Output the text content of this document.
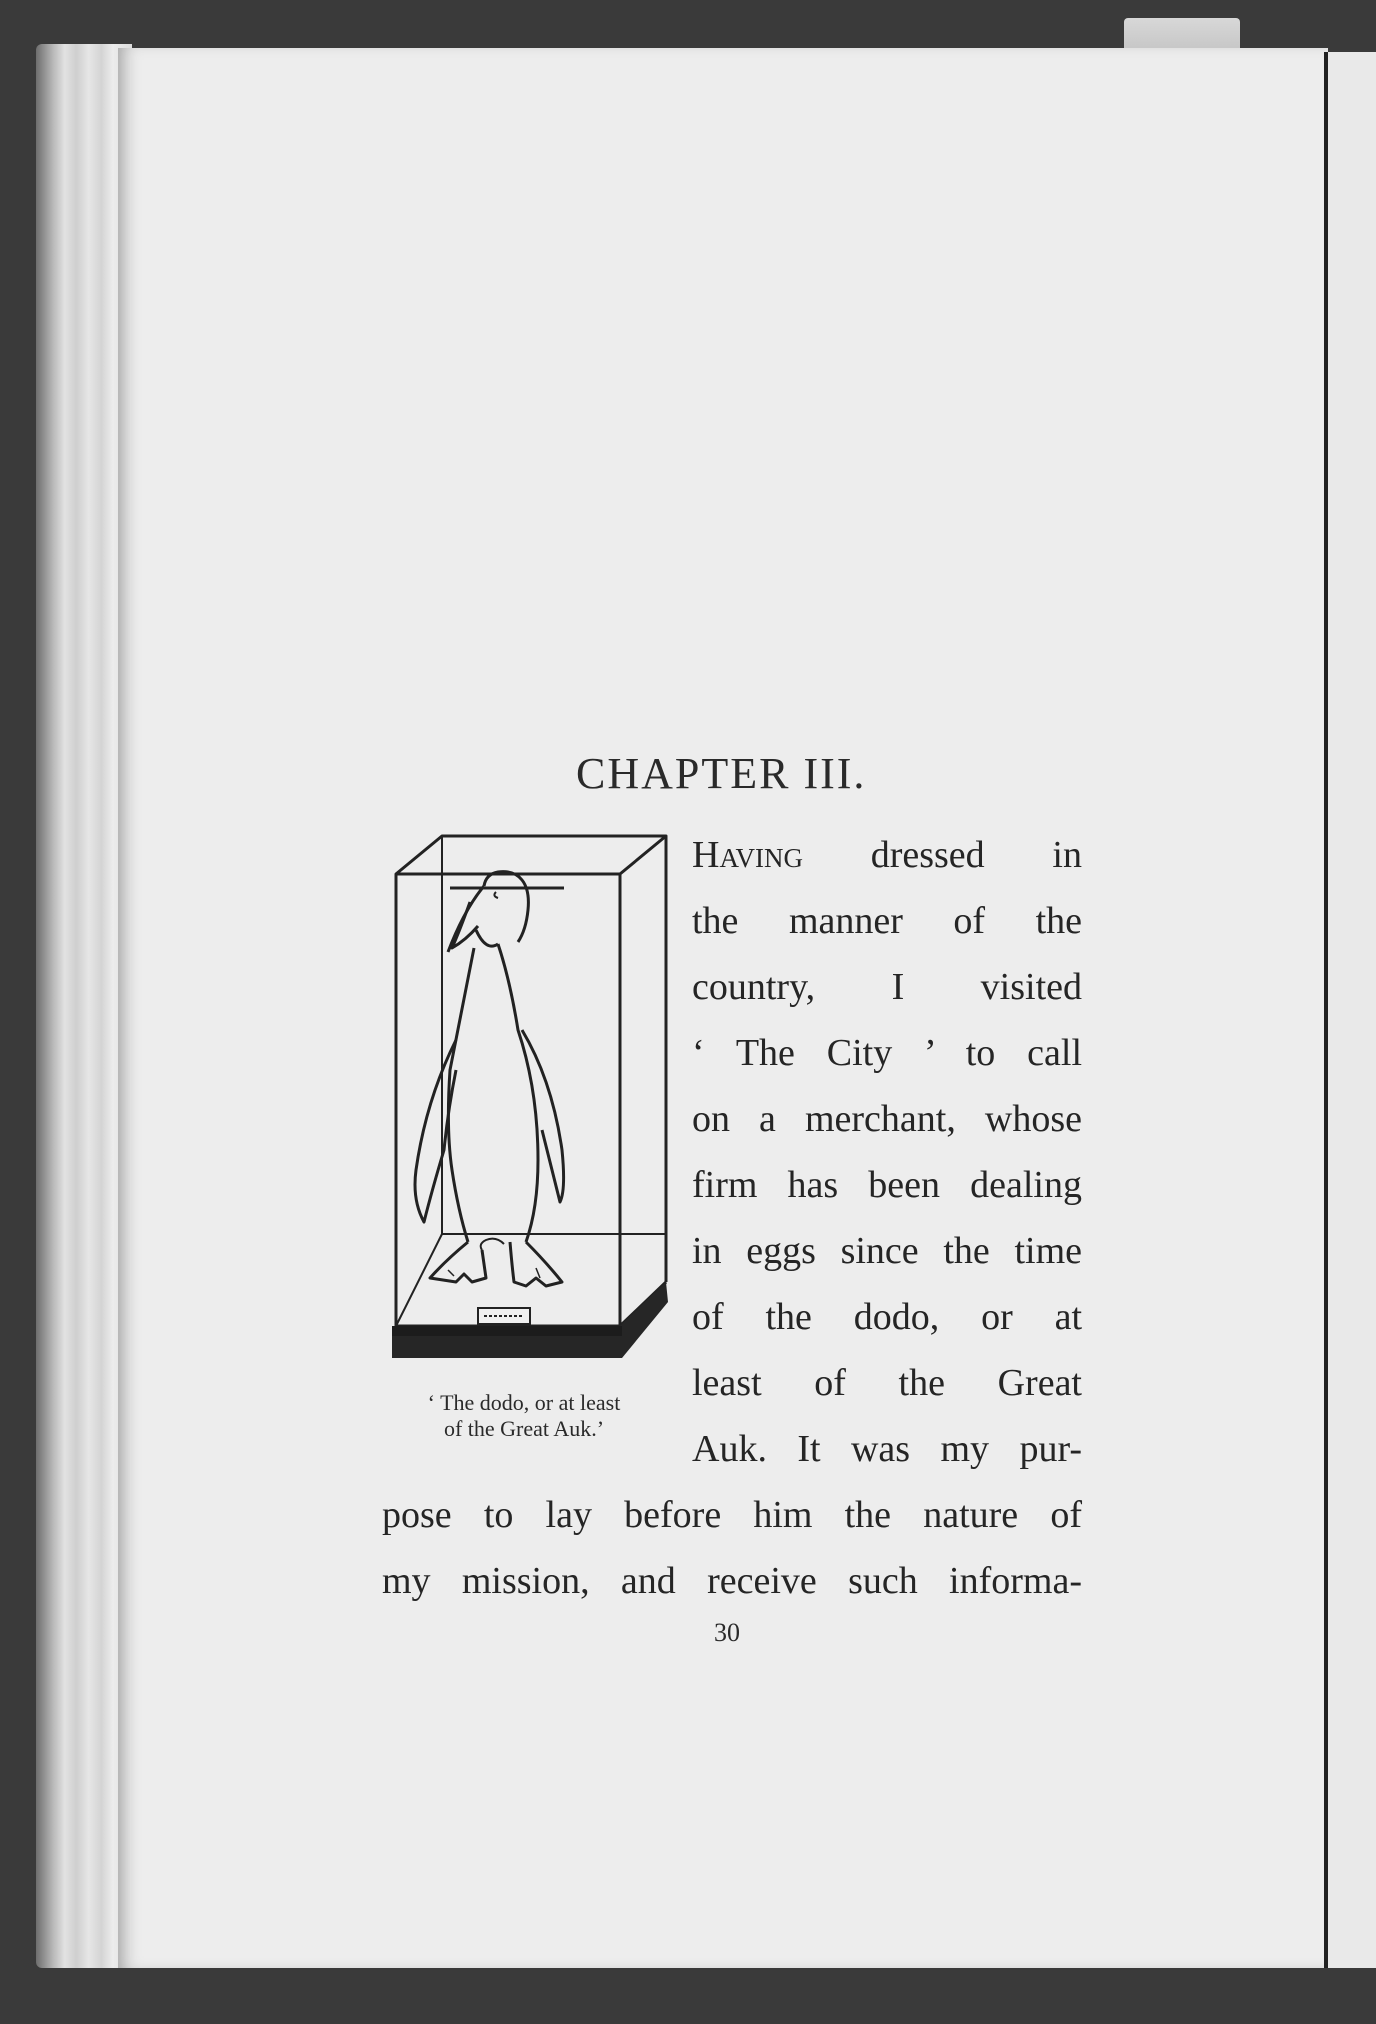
CHAPTER III.
‘ The dodo, or at least
of the Great Auk.’
Having dressed in
the manner of the
country, I visited
‘ The City ’ to call
on a merchant, whose
firm has been dealing
in eggs since the time
of the dodo, or at
least of the Great
Auk. It was my pur-
pose to lay before him the nature of
my mission, and receive such informa-
30
